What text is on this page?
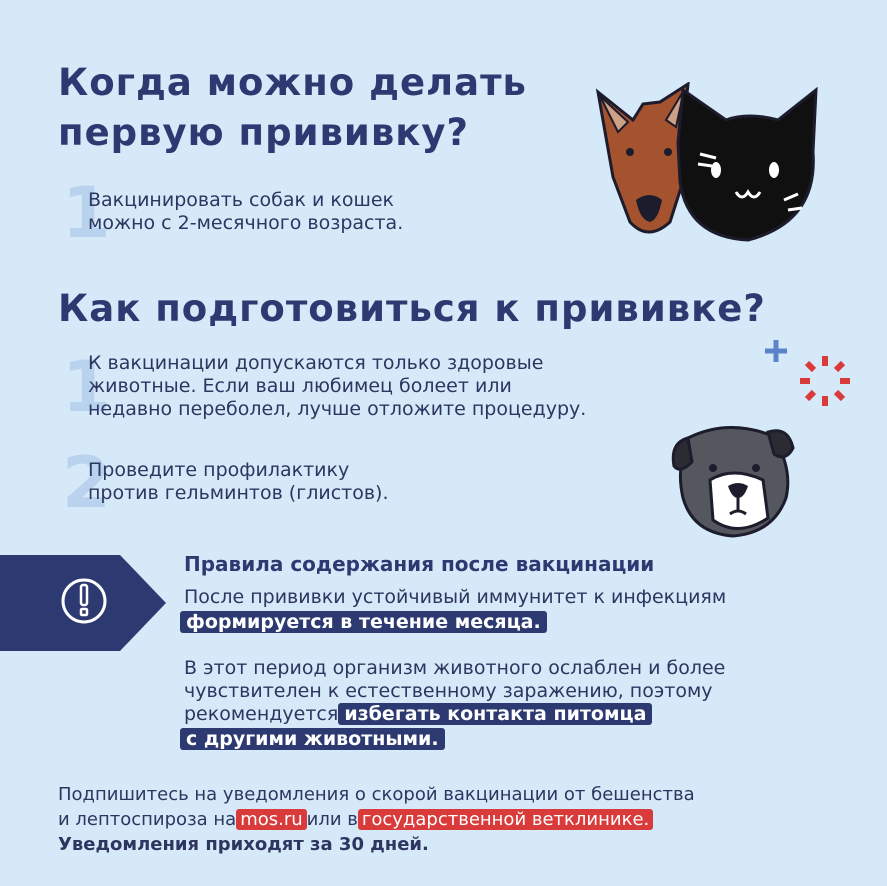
Когда можно делать
первую прививку?
1
Вакцинировать собак и кошек
можно с 2-месячного возраста.
Как подготовиться к прививке?
1
К вакцинации допускаются только здоровые
животные. Если ваш любимец болеет или
недавно переболел, лучше отложите процедуру.
2
Проведите профилактику
против гельминтов (глистов).
Правила содержания после вакцинации
После прививки устойчивый иммунитет к инфекциям
формируется в течение месяца.
В этот период организм животного ослаблен и более
чувствителен к естественному заражению, поэтому
рекомендуется избегать контакта питомца
с другими животными.
Подпишитесь на уведомления о скорой вакцинации от бешенства
и лептоспироза на mos.ru или в государственной ветклинике.
Уведомления приходят за 30 дней.
